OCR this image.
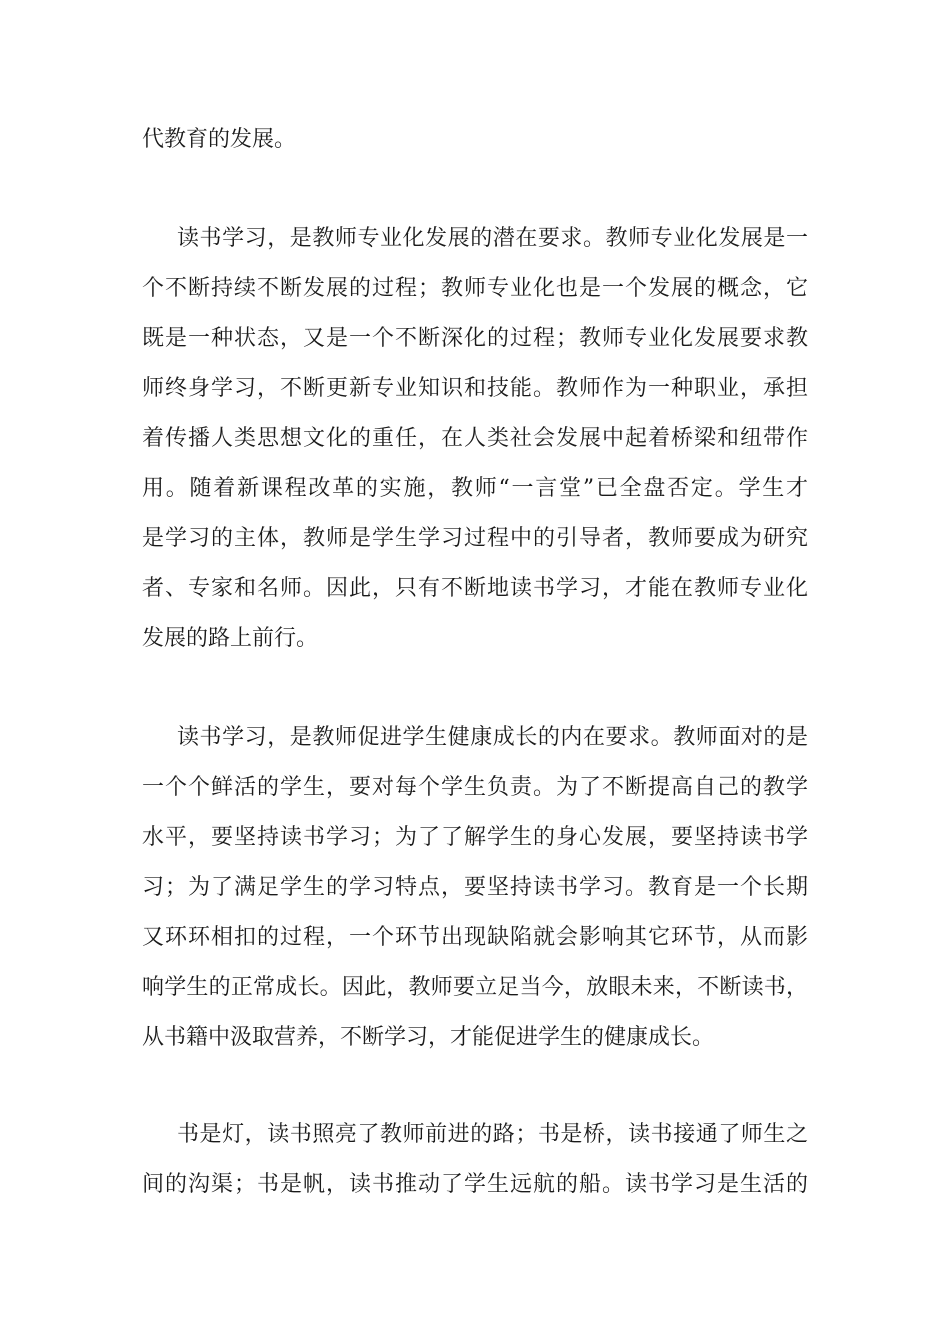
代教育的发展。
读书学习，是教师专业化发展的潜在要求。教师专业化发展是一
个不断持续不断发展的过程；教师专业化也是一个发展的概念，它
既是一种状态，又是一个不断深化的过程；教师专业化发展要求教
师终身学习，不断更新专业知识和技能。教师作为一种职业，承担
着传播人类思想文化的重任，在人类社会发展中起着桥梁和纽带作
用。随着新课程改革的实施，教师“一言堂”已全盘否定。学生才
是学习的主体，教师是学生学习过程中的引导者，教师要成为研究
者、专家和名师。因此，只有不断地读书学习，才能在教师专业化
发展的路上前行。
读书学习，是教师促进学生健康成长的内在要求。教师面对的是
一个个鲜活的学生，要对每个学生负责。为了不断提高自己的教学
水平，要坚持读书学习；为了了解学生的身心发展，要坚持读书学
习；为了满足学生的学习特点，要坚持读书学习。教育是一个长期
又环环相扣的过程，一个环节出现缺陷就会影响其它环节，从而影
响学生的正常成长。因此，教师要立足当今，放眼未来，不断读书，
从书籍中汲取营养，不断学习，才能促进学生的健康成长。
书是灯，读书照亮了教师前进的路；书是桥，读书接通了师生之
间的沟渠；书是帆，读书推动了学生远航的船。读书学习是生活的
